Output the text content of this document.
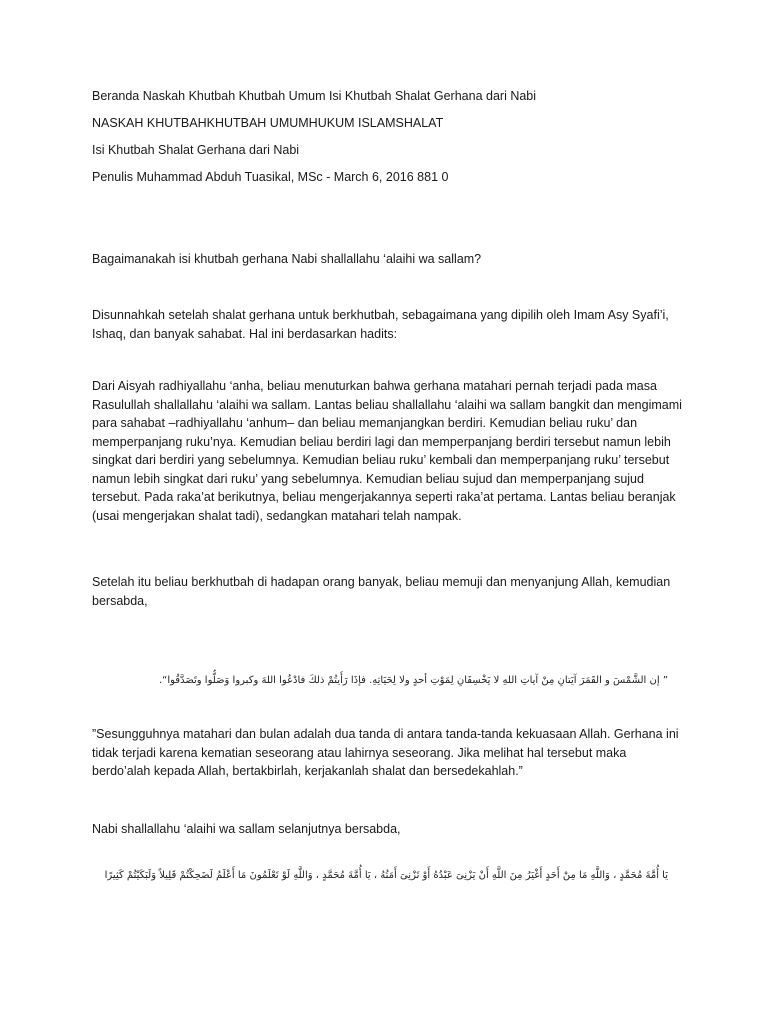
Beranda Naskah Khutbah Khutbah Umum Isi Khutbah Shalat Gerhana dari Nabi

NASKAH KHUTBAHKHUTBAH UMUMHUKUM ISLAMSHALAT

Isi Khutbah Shalat Gerhana dari Nabi

Penulis Muhammad Abduh Tuasikal, MSc - March 6, 2016 881 0

Bagaimanakah isi khutbah gerhana Nabi shallallahu ‘alaihi wa sallam?

Disunnahkah setelah shalat gerhana untuk berkhutbah, sebagaimana yang dipilih oleh Imam Asy Syafi’i, Ishaq, dan banyak sahabat. Hal ini berdasarkan hadits:

Dari Aisyah radhiyallahu ‘anha, beliau menuturkan bahwa gerhana matahari pernah terjadi pada masa Rasulullah shallallahu ‘alaihi wa sallam. Lantas beliau shallallahu ‘alaihi wa sallam bangkit dan mengimami para sahabat –radhiyallahu ‘anhum– dan beliau memanjangkan berdiri. Kemudian beliau ruku’ dan memperpanjang ruku’nya. Kemudian beliau berdiri lagi dan memperpanjang berdiri tersebut namun lebih singkat dari berdiri yang sebelumnya. Kemudian beliau ruku’ kembali dan memperpanjang ruku’ tersebut namun lebih singkat dari ruku’ yang sebelumnya. Kemudian beliau sujud dan memperpanjang sujud tersebut. Pada raka’at berikutnya, beliau mengerjakannya seperti raka’at pertama. Lantas beliau beranjak (usai mengerjakan shalat tadi), sedangkan matahari telah nampak.

Setelah itu beliau berkhutbah di hadapan orang banyak, beliau memuji dan menyanjung Allah, kemudian bersabda,

” إن الشَّمْسَ و القَمَرَ آيَتانِ مِنْ آياتِ اللهِ لا يَخْسِفَانِ لِمَوْتِ أحدٍ ولا لِحَيَاتِهِ. فإذَا رَأَيتُمْ ذلكَ فادْعُوا اللهَ وكبروا وَصَلُّوا وتَصَدَّقُوا“.

”Sesungguhnya matahari dan bulan adalah dua tanda di antara tanda-tanda kekuasaan Allah. Gerhana ini tidak terjadi karena kematian seseorang atau lahirnya seseorang. Jika melihat hal tersebut maka berdo’alah kepada Allah, bertakbirlah, kerjakanlah shalat dan bersedekahlah.”

Nabi shallallahu ‘alaihi wa sallam selanjutnya bersabda,

يَا أُمَّةَ مُحَمَّدٍ ، وَاللَّهِ مَا مِنْ أَحَدٍ أَغْيَرُ مِنَ اللَّهِ أَنْ يَزْنِىَ عَبْدُهُ أَوْ تَزْنِىَ أَمَتُهُ ، يَا أُمَّةَ مُحَمَّدٍ ، وَاللَّهِ لَوْ تَعْلَمُونَ مَا أَعْلَمُ لَضَحِكْتُمْ قَلِيلاً وَلَبَكَيْتُمْ كَثِيرًا
